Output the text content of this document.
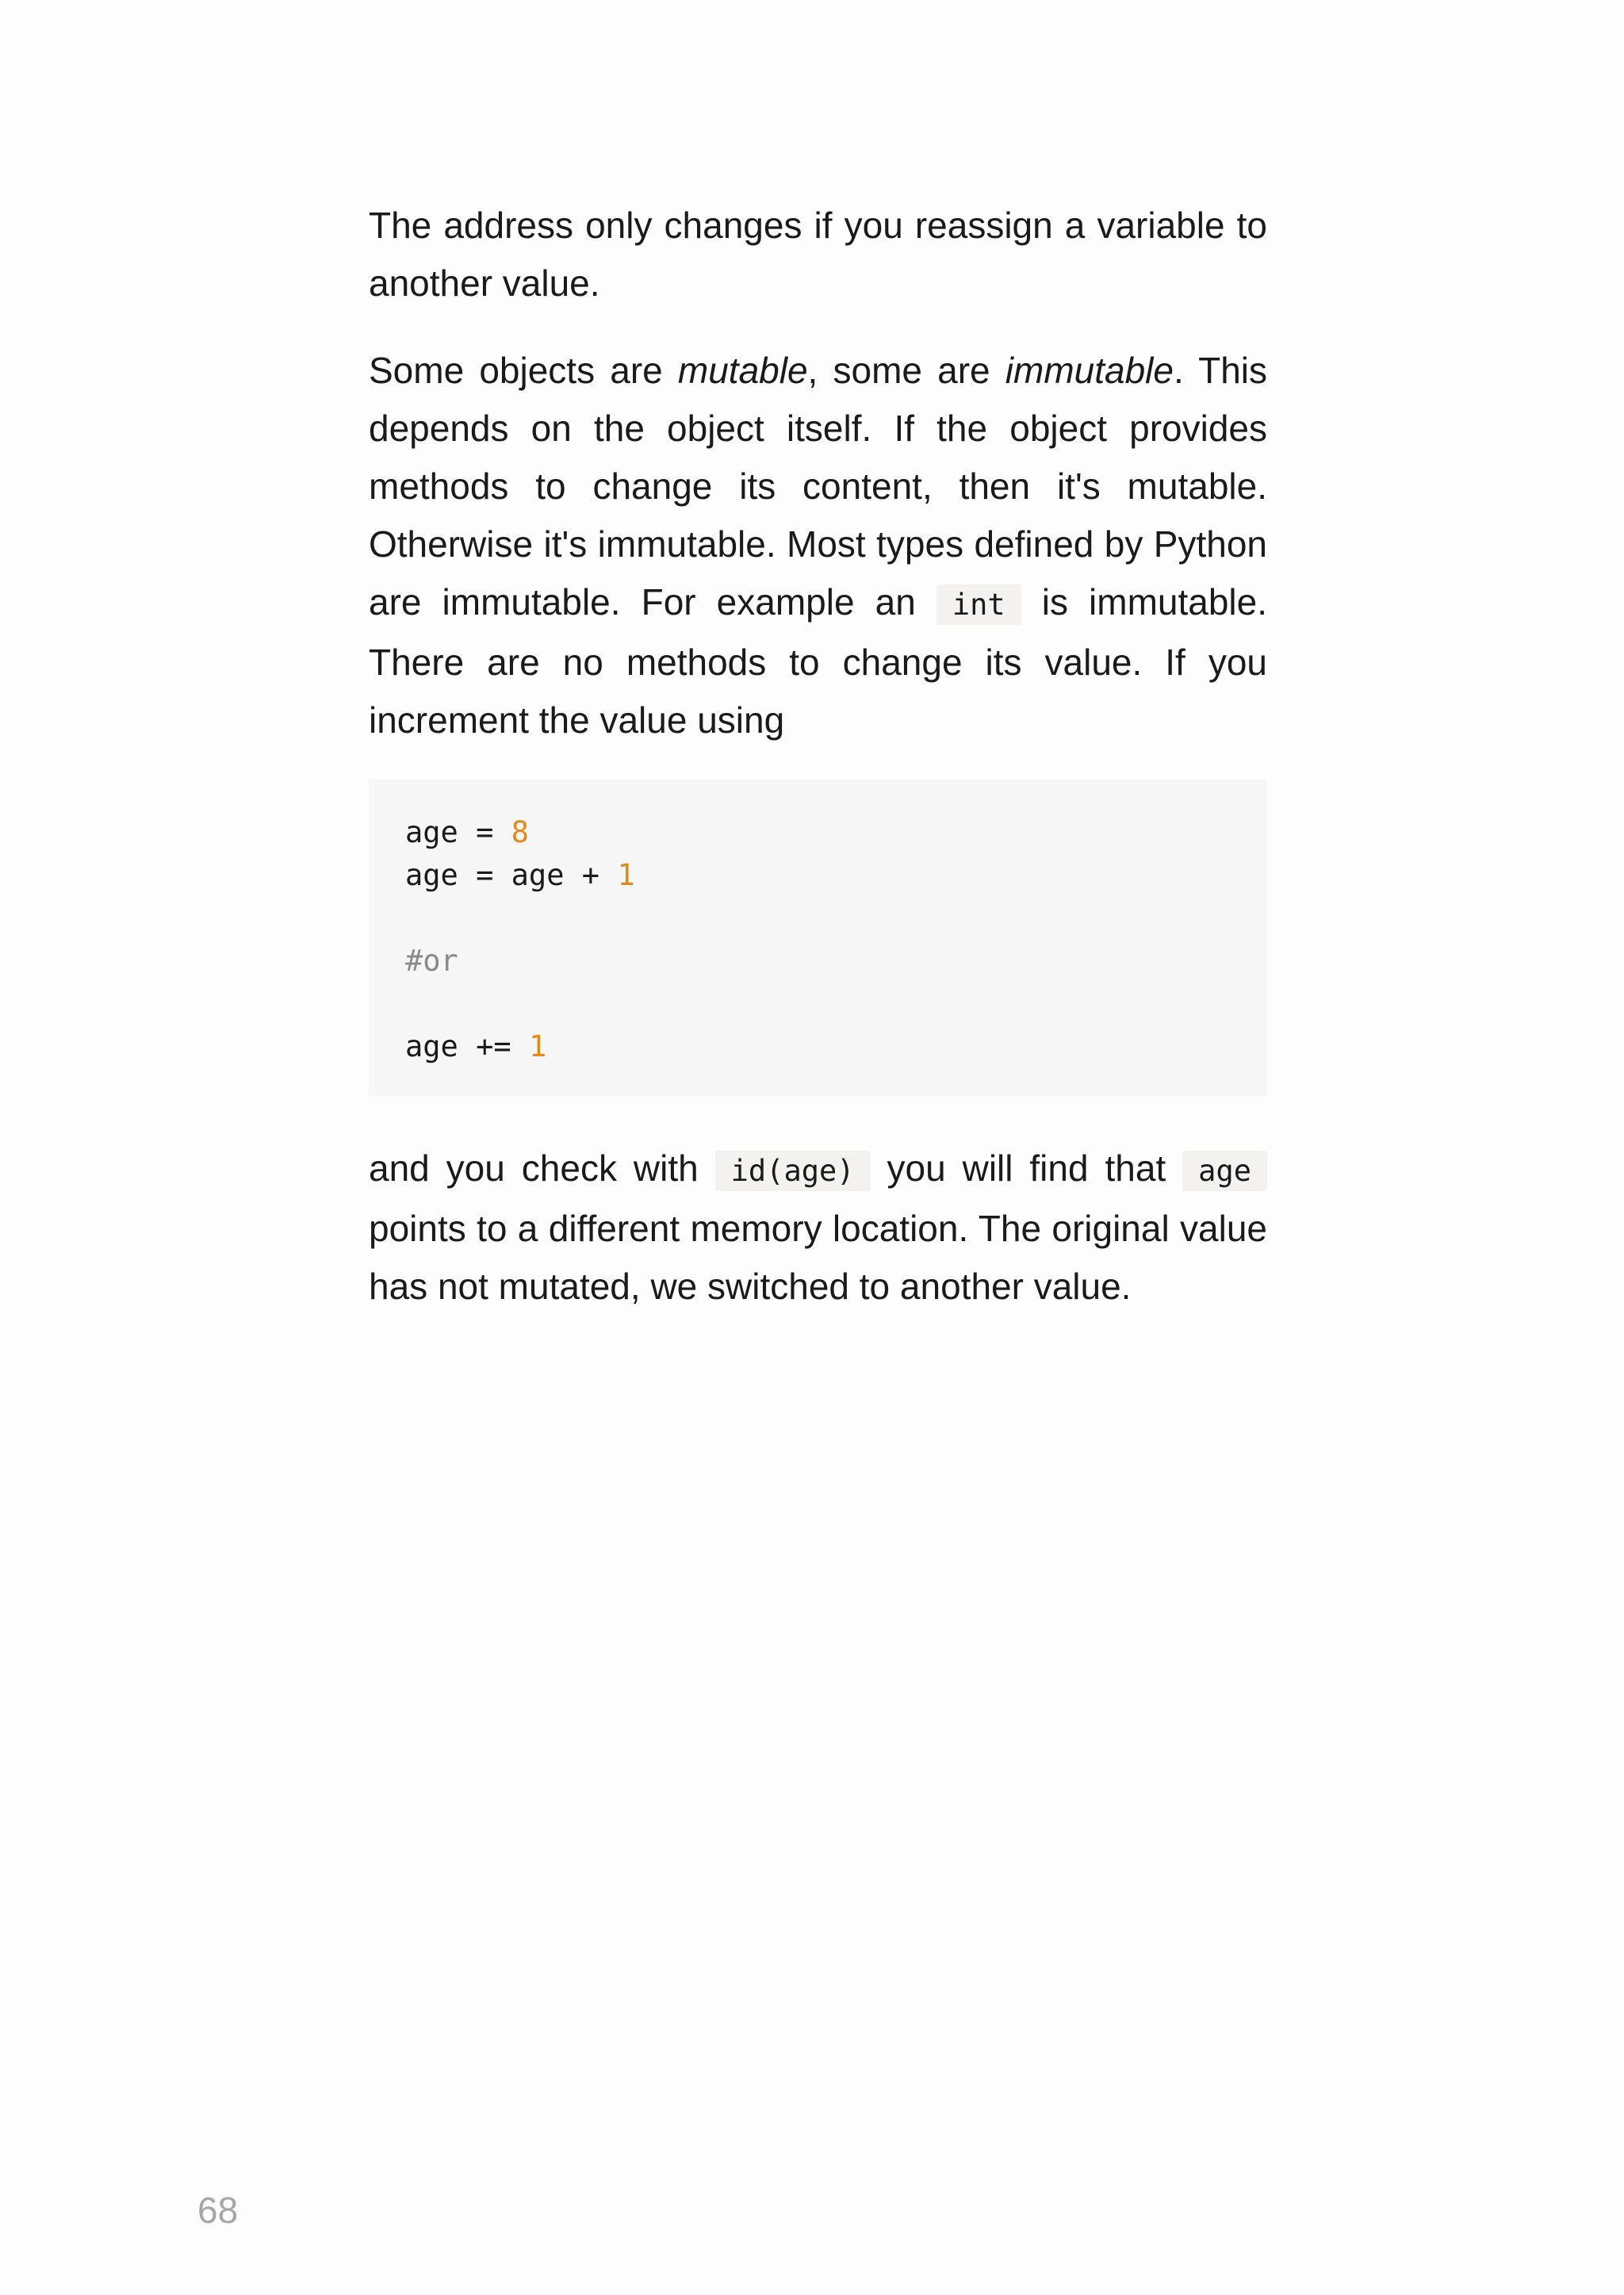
The address only changes if you reassign a variable to another value.

Some objects are mutable, some are immutable. This depends on the object itself. If the object provides methods to change its content, then it's mutable. Otherwise it's immutable. Most types defined by Python are immutable. For example an int is immutable. There are no methods to change its value. If you increment the value using

age = 8
age = age + 1
#or
age += 1

and you check with id(age) you will find that age points to a different memory location. The original value has not mutated, we switched to another value.

68
